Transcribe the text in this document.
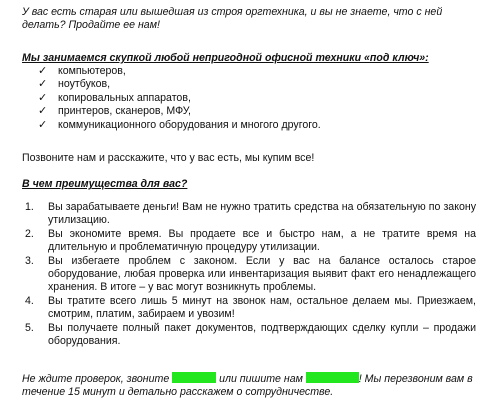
У вас есть старая или вышедшая из строя оргтехника, и вы не знаете, что с ней делать? Продайте ее нам!

Мы занимаемся скупкой любой непригодной офисной техники «под ключ»:

✓ компьютеров,
✓ ноутбуков,
✓ копировальных аппаратов,
✓ принтеров, сканеров, МФУ,
✓ коммуникационного оборудования и многого другого.

Позвоните нам и расскажите, что у вас есть, мы купим все!

В чем преимущества для вас?

1. Вы зарабатываете деньги! Вам не нужно тратить средства на обязательную по закону утилизацию.
2. Вы экономите время. Вы продаете все и быстро нам, а не тратите время на длительную и проблематичную процедуру утилизации.
3. Вы избегаете проблем с законом. Если у вас на балансе осталось старое оборудование, любая проверка или инвентаризация выявит факт его ненадлежащего хранения. В итоге – у вас могут возникнуть проблемы.
4. Вы тратите всего лишь 5 минут на звонок нам, остальное делаем мы. Приезжаем, смотрим, платим, забираем и увозим!
5. Вы получаете полный пакет документов, подтверждающих сделку купли – продажи оборудования.

Не ждите проверок, звоните	или пишите нам	! Мы перезвоним вам в течение 15 минут и детально расскажем о сотрудничестве.
